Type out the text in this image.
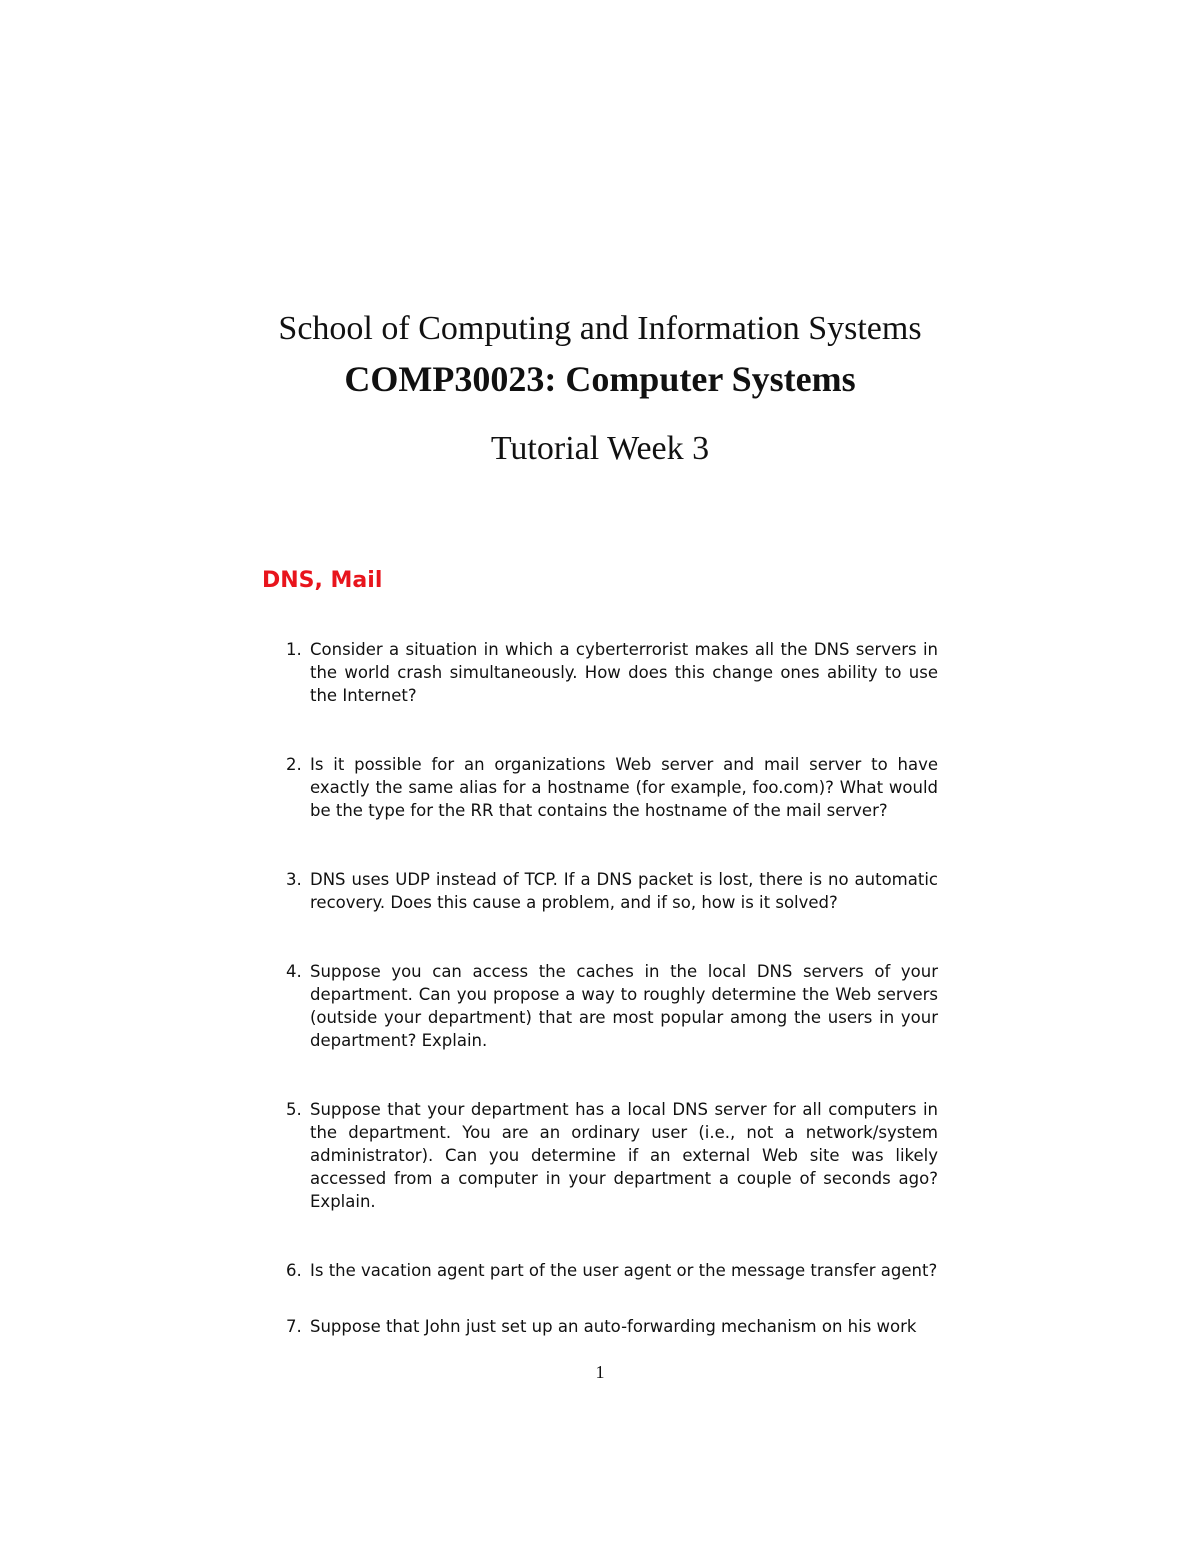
School of Computing and Information Systems
COMP30023: Computer Systems
Tutorial Week 3
DNS, Mail
1. Consider a situation in which a cyberterrorist makes all the DNS servers in the world crash simultaneously. How does this change ones ability to use the Internet?
2. Is it possible for an organizations Web server and mail server to have exactly the same alias for a hostname (for example, foo.com)? What would be the type for the RR that contains the hostname of the mail server?
3. DNS uses UDP instead of TCP. If a DNS packet is lost, there is no automatic recovery. Does this cause a problem, and if so, how is it solved?
4. Suppose you can access the caches in the local DNS servers of your department. Can you propose a way to roughly determine the Web servers (outside your department) that are most popular among the users in your department? Explain.
5. Suppose that your department has a local DNS server for all computers in the department. You are an ordinary user (i.e., not a network/system administrator). Can you determine if an external Web site was likely accessed from a computer in your department a couple of seconds ago? Explain.
6. Is the vacation agent part of the user agent or the message transfer agent?
7. Suppose that John just set up an auto-forwarding mechanism on his work
1
